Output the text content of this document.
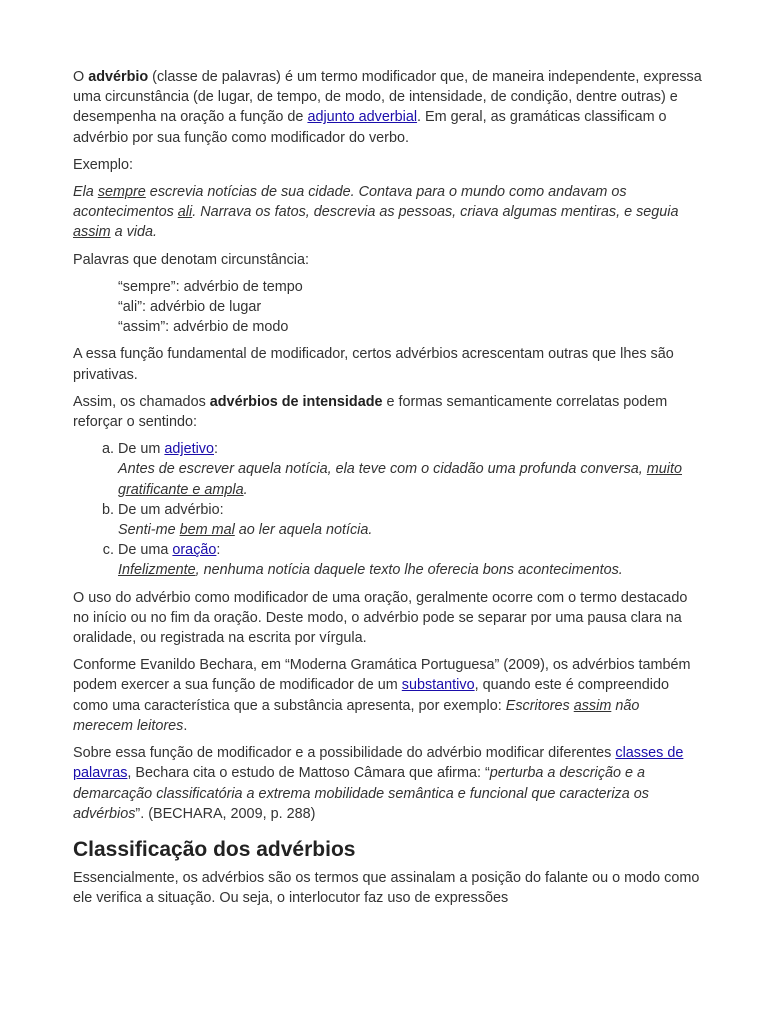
O advérbio (classe de palavras) é um termo modificador que, de maneira independente, expressa uma circunstância (de lugar, de tempo, de modo, de intensidade, de condição, dentre outras) e desempenha na oração a função de adjunto adverbial. Em geral, as gramáticas classificam o advérbio por sua função como modificador do verbo.

Exemplo:

Ela sempre escrevia notícias de sua cidade. Contava para o mundo como andavam os acontecimentos ali. Narrava os fatos, descrevia as pessoas, criava algumas mentiras, e seguia assim a vida.

Palavras que denotam circunstância:

“sempre”: advérbio de tempo
“ali”: advérbio de lugar
“assim”: advérbio de modo

A essa função fundamental de modificador, certos advérbios acrescentam outras que lhes são privativas.

Assim, os chamados advérbios de intensidade e formas semanticamente correlatas podem reforçar o sentindo:

a. De um adjetivo:
Antes de escrever aquela notícia, ela teve com o cidadão uma profunda conversa, muito gratificante e ampla.
b. De um advérbio:
Senti-me bem mal ao ler aquela notícia.
c. De uma oração:
Infelizmente, nenhuma notícia daquele texto lhe oferecia bons acontecimentos.

O uso do advérbio como modificador de uma oração, geralmente ocorre com o termo destacado no início ou no fim da oração. Deste modo, o advérbio pode se separar por uma pausa clara na oralidade, ou registrada na escrita por vírgula.

Conforme Evanildo Bechara, em “Moderna Gramática Portuguesa” (2009), os advérbios também podem exercer a sua função de modificador de um substantivo, quando este é compreendido como uma característica que a substância apresenta, por exemplo: Escritores assim não merecem leitores.

Sobre essa função de modificador e a possibilidade do advérbio modificar diferentes classes de palavras, Bechara cita o estudo de Mattoso Câmara que afirma: “perturba a descrição e a demarcação classificatória a extrema mobilidade semântica e funcional que caracteriza os advérbios”. (BECHARA, 2009, p. 288)

Classificação dos advérbios

Essencialmente, os advérbios são os termos que assinalam a posição do falante ou o modo como ele verifica a situação. Ou seja, o interlocutor faz uso de expressões
